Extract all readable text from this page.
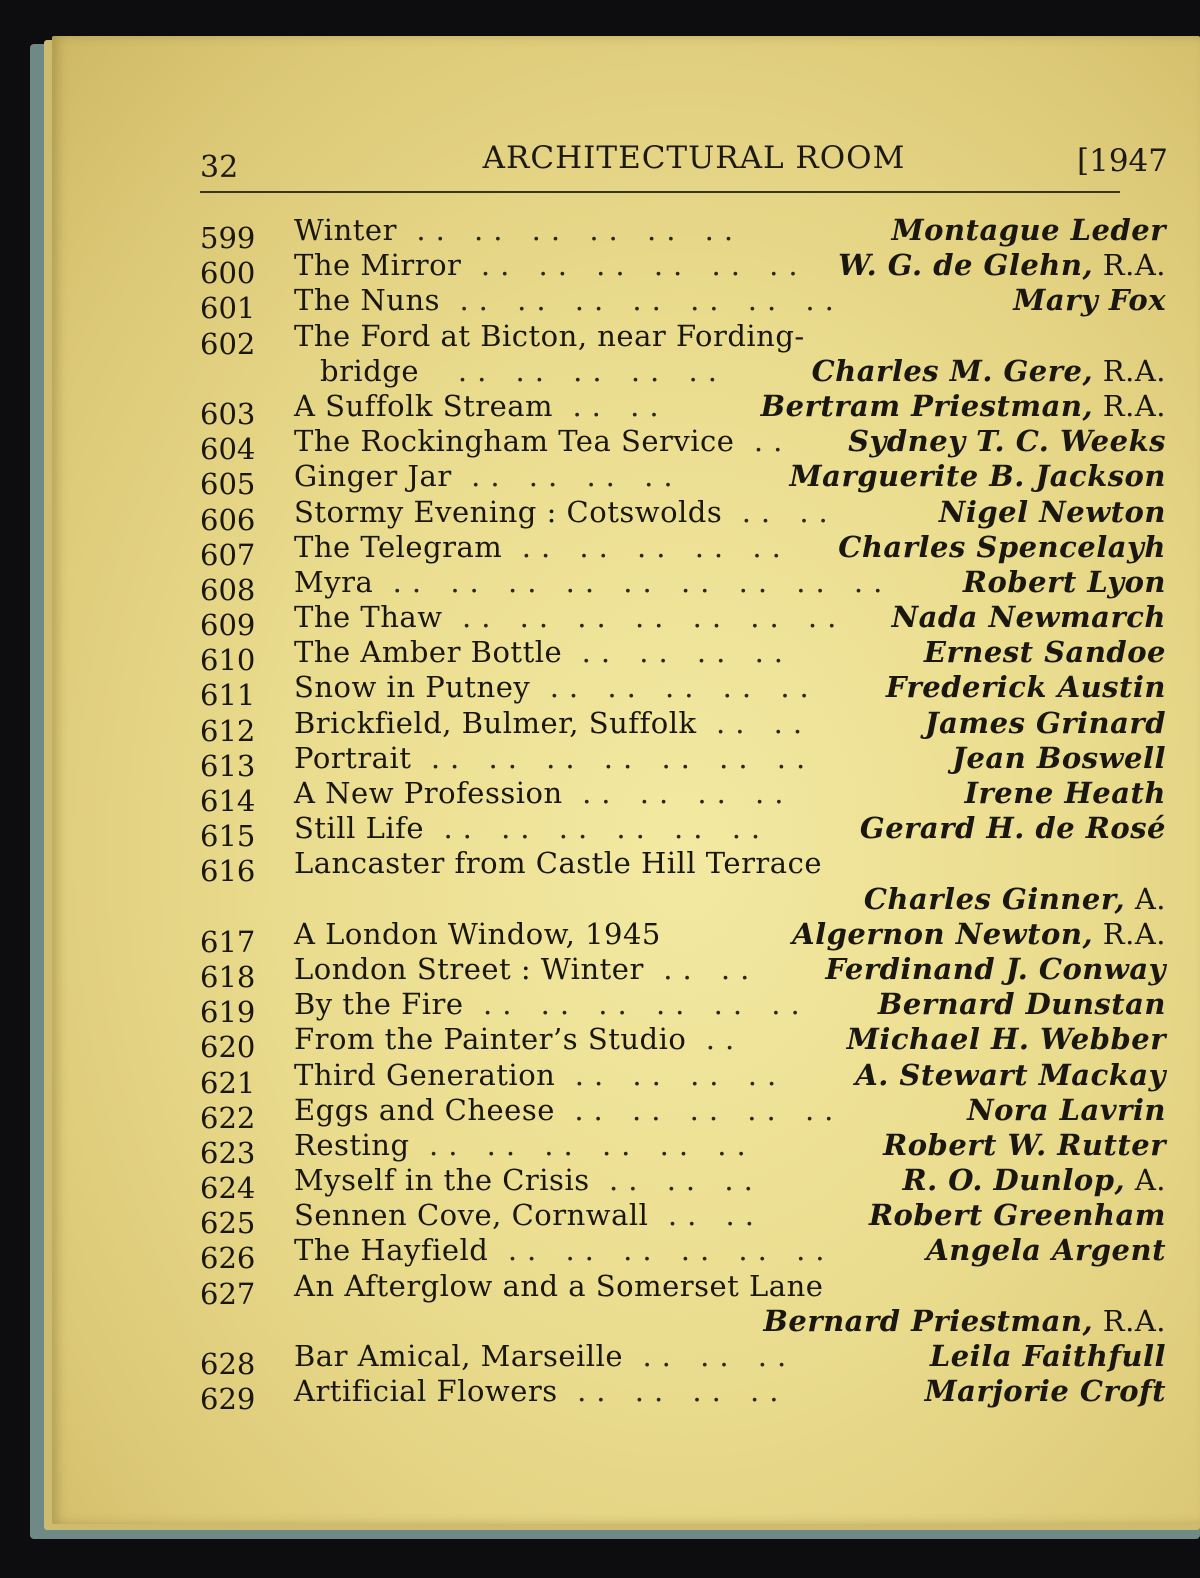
32	ARCHITECTURAL ROOM	[1947
599	Winter .. .. .. .. .. ..	Montague Leder
600	The Mirror .. .. .. .. .. .. W. G. de Glehn, R.A.
601	The Nuns .. .. .. .. .. .. ..	Mary Fox
602	The Ford at Bicton, near Fording-
bridge .. .. .. .. ..	Charles M. Gere, R.A.
603	A Suffolk Stream .. ..	Bertram Priestman, R.A.
604	The Rockingham Tea Service .. Sydney T. C. Weeks
605	Ginger Jar .. .. .. ..	Marguerite B. Jackson
606	Stormy Evening : Cotswolds .. ..	Nigel Newton
607	The Telegram .. .. .. .. .. Charles Spencelayh
608	Myra .. .. .. .. .. .. .. .. .. Robert Lyon
609	The Thaw .. .. .. .. .. .. .. Nada Newmarch
610	The Amber Bottle .. .. .. ..	Ernest Sandoe
611	Snow in Putney .. .. .. .. .. Frederick Austin
612	Brickfield, Bulmer, Suffolk .. ..	James Grinard
613	Portrait .. .. .. .. .. .. ..	Jean Boswell
614	A New Profession .. .. .. ..	Irene Heath
615	Still Life .. .. .. .. .. ..	Gerard H. de Rosé
616	Lancaster from Castle Hill Terrace
Charles Ginner, A.
617	A London Window, 1945	Algernon Newton, R.A.
618	London Street : Winter .. .. Ferdinand J. Conway
619	By the Fire .. .. .. .. .. .. Bernard Dunstan
620	From the Painter’s Studio ..	Michael H. Webber
621	Third Generation .. .. .. .. A. Stewart Mackay
622	Eggs and Cheese .. .. .. .. ..	Nora Lavrin
623	Resting .. .. .. .. .. ..	Robert W. Rutter
624	Myself in the Crisis .. .. ..	R. O. Dunlop, A.
625	Sennen Cove, Cornwall .. ..	Robert Greenham
626	The Hayfield .. .. .. .. .. ..	Angela Argent
627	An Afterglow and a Somerset Lane
Bernard Priestman, R.A.
628	Bar Amical, Marseille .. .. ..	Leila Faithfull
629	Artificial Flowers .. .. .. ..	Marjorie Croft
